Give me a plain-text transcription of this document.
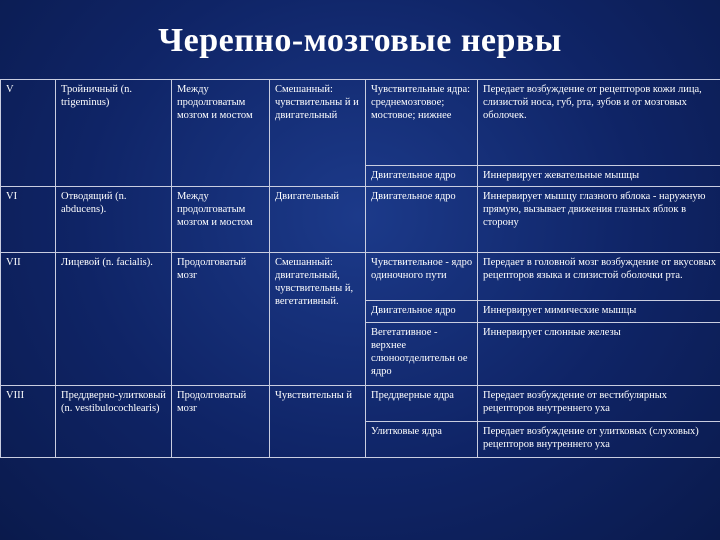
Черепно-мозговые нервы
V	Тройничный (n. trigeminus)	Между продолговатым мозгом и мостом	Смешанный: чувствительны й и двигательный	Чувствительные ядра: среднемозговое; мостовое; нижнее	Передает возбуждение от рецепторов кожи лица, слизистой носа, губ, рта, зубов и от мозговых оболочек.
				Двигательное ядро	Иннервирует жевательные мышцы
VI	Отводящий (n. abducens).	Между продолговатым мозгом и мостом	Двигательный	Двигательное ядро	Иннервирует мышцу глазного яблока - наружную прямую, вызывает движения глазных яблок в сторону
VII	Лицевой (n. facialis).	Продолговатый мозг	Смешанный: двигательный, чувствительны й, вегетативный.	Чувствительное - ядро одиночного пути	Передает в головной мозг возбуждение от вкусовых рецепторов языка и слизистой оболочки рта.
				Двигательное ядро	Иннервирует мимические мышцы
				Вегетативное - верхнее слюноотделительн ое ядро	Иннервирует слюнные железы
VIII	Преддверно-улитковый (n. vestibulocochlearis)	Продолговатый мозг	Чувствительны й	Преддверные ядра	Передает возбуждение от вестибулярных рецепторов внутреннего уха
				Улитковые ядра	Передает возбуждение от улитковых (слуховых) рецепторов внутреннего уха
